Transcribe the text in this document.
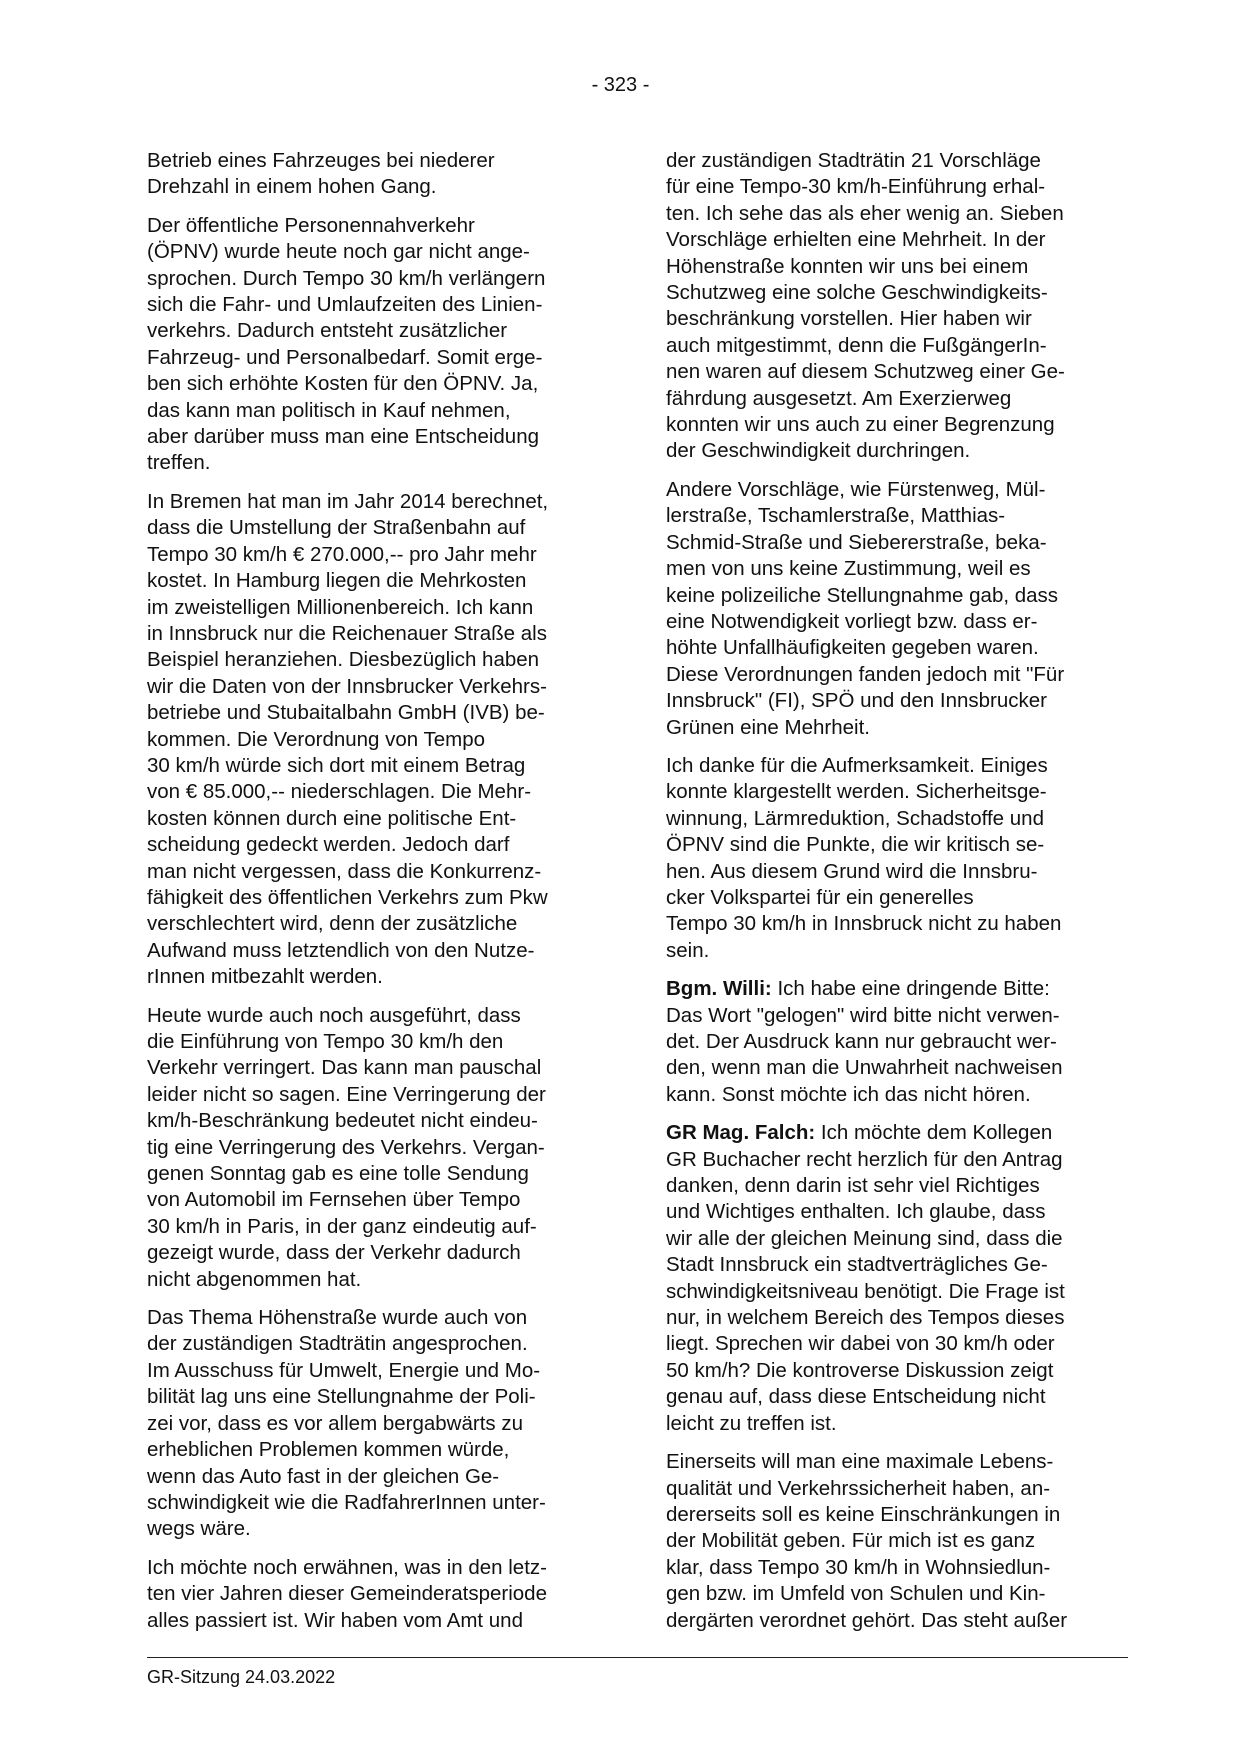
- 323 -

Betrieb eines Fahrzeuges bei niederer
Drehzahl in einem hohen Gang.

Der öffentliche Personennahverkehr
(ÖPNV) wurde heute noch gar nicht ange-
sprochen. Durch Tempo 30 km/h verlängern
sich die Fahr- und Umlaufzeiten des Linien-
verkehrs. Dadurch entsteht zusätzlicher
Fahrzeug- und Personalbedarf. Somit erge-
ben sich erhöhte Kosten für den ÖPNV. Ja,
das kann man politisch in Kauf nehmen,
aber darüber muss man eine Entscheidung
treffen.

In Bremen hat man im Jahr 2014 berechnet,
dass die Umstellung der Straßenbahn auf
Tempo 30 km/h € 270.000,-- pro Jahr mehr
kostet. In Hamburg liegen die Mehrkosten
im zweistelligen Millionenbereich. Ich kann
in Innsbruck nur die Reichenauer Straße als
Beispiel heranziehen. Diesbezüglich haben
wir die Daten von der Innsbrucker Verkehrs-
betriebe und Stubaitalbahn GmbH (IVB) be-
kommen. Die Verordnung von Tempo
30 km/h würde sich dort mit einem Betrag
von € 85.000,-- niederschlagen. Die Mehr-
kosten können durch eine politische Ent-
scheidung gedeckt werden. Jedoch darf
man nicht vergessen, dass die Konkurrenz-
fähigkeit des öffentlichen Verkehrs zum Pkw
verschlechtert wird, denn der zusätzliche
Aufwand muss letztendlich von den Nutze-
rInnen mitbezahlt werden.

Heute wurde auch noch ausgeführt, dass
die Einführung von Tempo 30 km/h den
Verkehr verringert. Das kann man pauschal
leider nicht so sagen. Eine Verringerung der
km/h-Beschränkung bedeutet nicht eindeu-
tig eine Verringerung des Verkehrs. Vergan-
genen Sonntag gab es eine tolle Sendung
von Automobil im Fernsehen über Tempo
30 km/h in Paris, in der ganz eindeutig auf-
gezeigt wurde, dass der Verkehr dadurch
nicht abgenommen hat.

Das Thema Höhenstraße wurde auch von
der zuständigen Stadträtin angesprochen.
Im Ausschuss für Umwelt, Energie und Mo-
bilität lag uns eine Stellungnahme der Poli-
zei vor, dass es vor allem bergabwärts zu
erheblichen Problemen kommen würde,
wenn das Auto fast in der gleichen Ge-
schwindigkeit wie die RadfahrerInnen unter-
wegs wäre.

Ich möchte noch erwähnen, was in den letz-
ten vier Jahren dieser Gemeinderatsperiode
alles passiert ist. Wir haben vom Amt und

der zuständigen Stadträtin 21 Vorschläge
für eine Tempo-30 km/h-Einführung erhal-
ten. Ich sehe das als eher wenig an. Sieben
Vorschläge erhielten eine Mehrheit. In der
Höhenstraße konnten wir uns bei einem
Schutzweg eine solche Geschwindigkeits-
beschränkung vorstellen. Hier haben wir
auch mitgestimmt, denn die FußgängerIn-
nen waren auf diesem Schutzweg einer Ge-
fährdung ausgesetzt. Am Exerzierweg
konnten wir uns auch zu einer Begrenzung
der Geschwindigkeit durchringen.

Andere Vorschläge, wie Fürstenweg, Mül-
lerstraße, Tschamlerstraße, Matthias-
Schmid-Straße und Siebererstraße, beka-
men von uns keine Zustimmung, weil es
keine polizeiliche Stellungnahme gab, dass
eine Notwendigkeit vorliegt bzw. dass er-
höhte Unfallhäufigkeiten gegeben waren.
Diese Verordnungen fanden jedoch mit "Für
Innsbruck" (FI), SPÖ und den Innsbrucker
Grünen eine Mehrheit.

Ich danke für die Aufmerksamkeit. Einiges
konnte klargestellt werden. Sicherheitsge-
winnung, Lärmreduktion, Schadstoffe und
ÖPNV sind die Punkte, die wir kritisch se-
hen. Aus diesem Grund wird die Innsbru-
cker Volkspartei für ein generelles
Tempo 30 km/h in Innsbruck nicht zu haben
sein.

Bgm. Willi: Ich habe eine dringende Bitte:
Das Wort "gelogen" wird bitte nicht verwen-
det. Der Ausdruck kann nur gebraucht wer-
den, wenn man die Unwahrheit nachweisen
kann. Sonst möchte ich das nicht hören.

GR Mag. Falch: Ich möchte dem Kollegen
GR Buchacher recht herzlich für den Antrag
danken, denn darin ist sehr viel Richtiges
und Wichtiges enthalten. Ich glaube, dass
wir alle der gleichen Meinung sind, dass die
Stadt Innsbruck ein stadtverträgliches Ge-
schwindigkeitsniveau benötigt. Die Frage ist
nur, in welchem Bereich des Tempos dieses
liegt. Sprechen wir dabei von 30 km/h oder
50 km/h? Die kontroverse Diskussion zeigt
genau auf, dass diese Entscheidung nicht
leicht zu treffen ist.

Einerseits will man eine maximale Lebens-
qualität und Verkehrssicherheit haben, an-
dererseits soll es keine Einschränkungen in
der Mobilität geben. Für mich ist es ganz
klar, dass Tempo 30 km/h in Wohnsiedlun-
gen bzw. im Umfeld von Schulen und Kin-
dergärten verordnet gehört. Das steht außer

GR-Sitzung 24.03.2022
